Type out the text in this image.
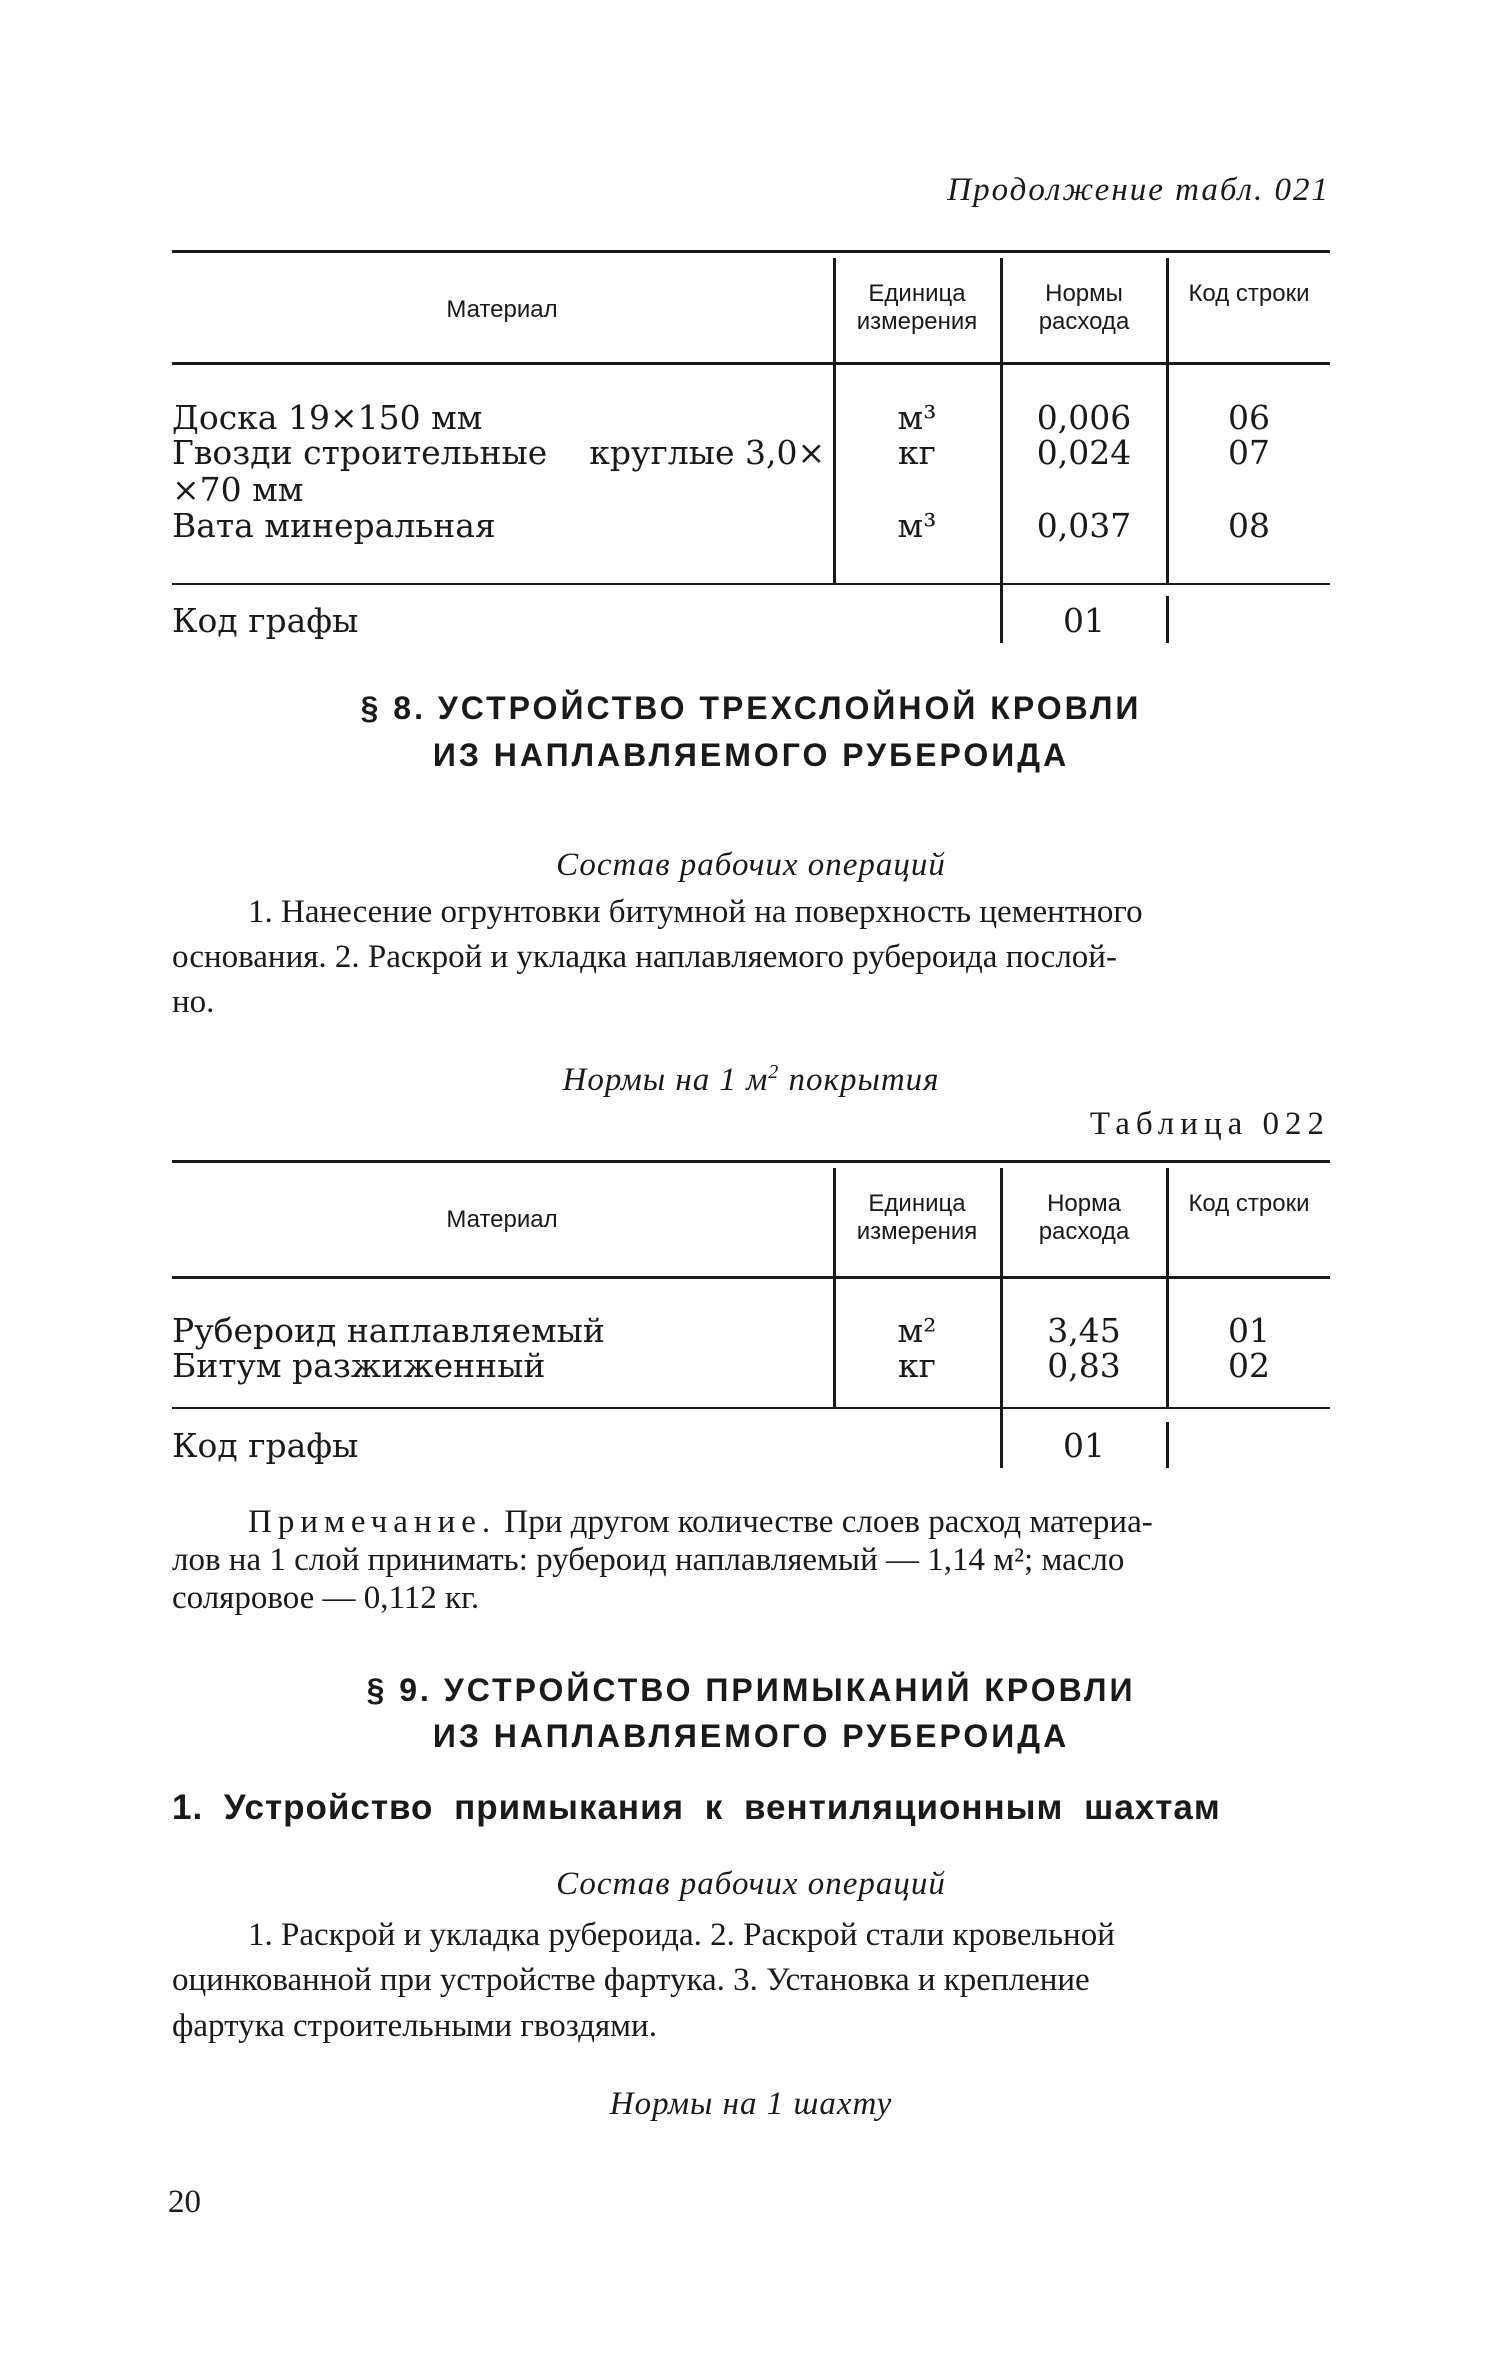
Продолжение табл. 021
Материал
Единица измерения
Нормы расхода
Код строки
Доска 19×150 мм
Гвозди строительные    круглые 3,0×
×70 мм
Вата минеральная
м³
кг
м³
0,006
0,024
0,037
06
07
08
Код графы	01
§ 8. УСТРОЙСТВО ТРЕХСЛОЙНОЙ КРОВЛИ
ИЗ НАПЛАВЛЯЕМОГО РУБЕРОИДА
Состав рабочих операций
1. Нанесение огрунтовки битумной на поверхность цементного
основания. 2. Раскрой и укладка наплавляемого рубероида послой-
но.
Нормы на 1 $м^2$ покрытия
Таблица 022
Материал
Единица измерения
Норма расхода
Код строки
Рубероид наплавляемый
Битум разжиженный
м²
кг
3,45
0,83
01
02
Код графы	01
Примечание. При другом количестве слоев расход материа-
лов на 1 слой принимать: рубероид наплавляемый — 1,14 м²; масло
соляровое — 0,112 кг.
§ 9. УСТРОЙСТВО ПРИМЫКАНИЙ КРОВЛИ
ИЗ НАПЛАВЛЯЕМОГО РУБЕРОИДА
1. Устройство примыкания к вентиляционным шахтам
Состав рабочих операций
1. Раскрой и укладка рубероида. 2. Раскрой стали кровельной
оцинкованной при устройстве фартука. 3. Установка и крепление
фартука строительными гвоздями.
Нормы на 1 шахту
20
